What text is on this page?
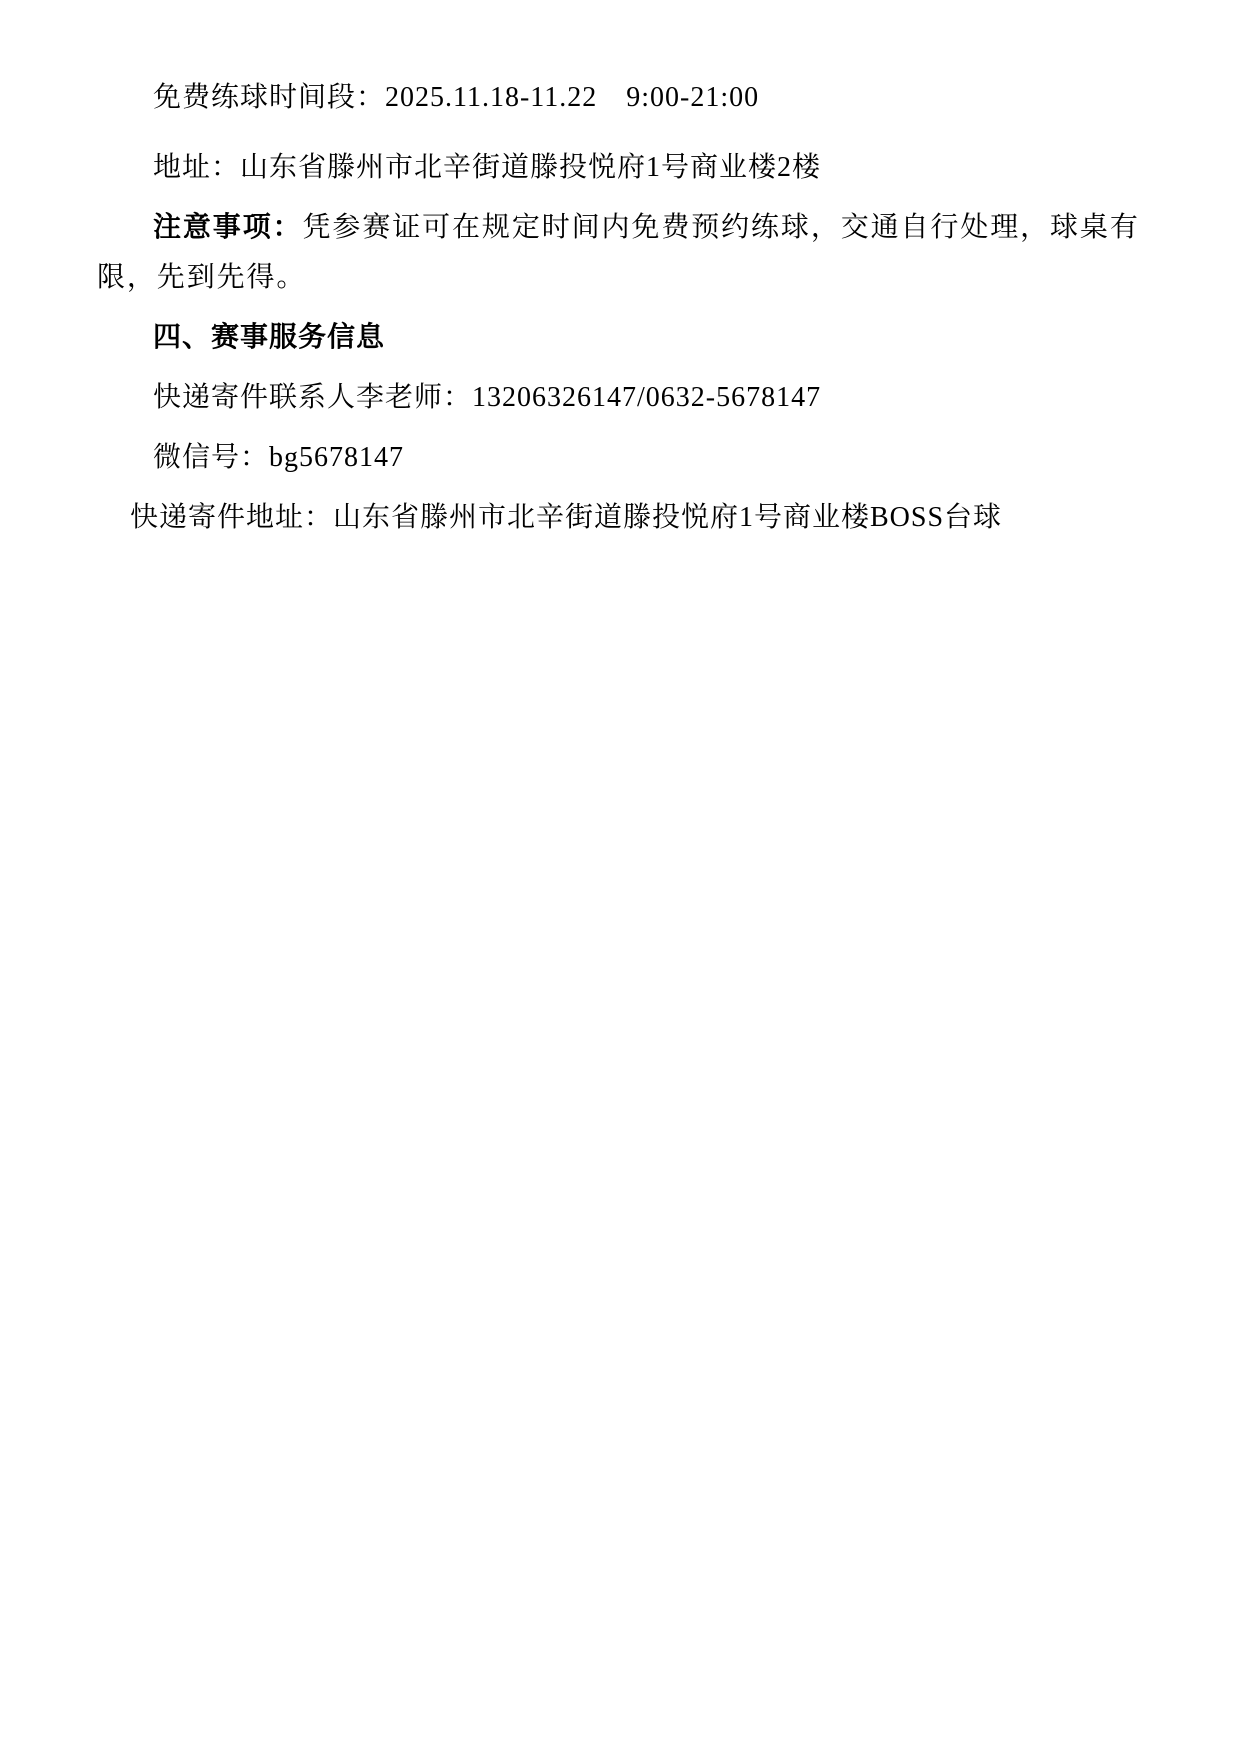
免费练球时间段：2025.11.18-11.22　9:00-21:00

地址：山东省滕州市北辛街道滕投悦府1号商业楼2楼

注意事项：凭参赛证可在规定时间内免费预约练球，交通自行处理，球桌有限，先到先得。

四、赛事服务信息

快递寄件联系人李老师：13206326147/0632-5678147

微信号：bg5678147

快递寄件地址：山东省滕州市北辛街道滕投悦府1号商业楼BOSS台球
